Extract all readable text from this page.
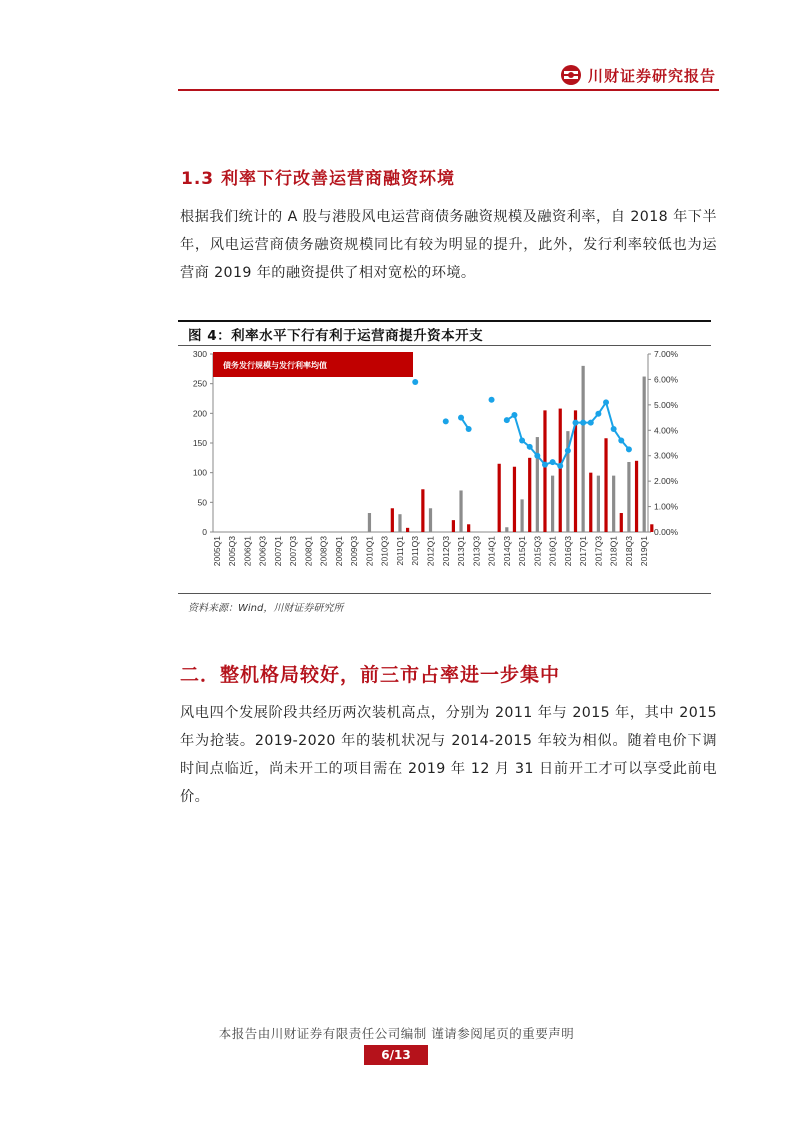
川财证券研究报告
1.3 利率下行改善运营商融资环境
根据我们统计的 A 股与港股风电运营商债务融资规模及融资利率，自 2018 年下半年，风电运营商债务融资规模同比有较为明显的提升，此外，发行利率较低也为运营商 2019 年的融资提供了相对宽松的环境。
图 4：利率水平下行有利于运营商提升资本开支
0
50
100
150
200
250
300
0.00%
1.00%
2.00%
3.00%
4.00%
5.00%
6.00%
7.00%
2005Q1 2005Q3 2006Q1 2006Q3 2007Q1 2007Q3 2008Q1 2008Q3 2009Q1 2009Q3 2010Q1 2010Q3 2011Q1 2011Q3 2012Q1 2012Q3 2013Q1 2013Q3 2014Q1 2014Q3 2015Q1 2015Q3 2016Q1 2016Q3 2017Q1 2017Q3 2018Q1 2018Q3 2019Q1
债务发行规模与发行利率均值
资料来源：Wind，川财证券研究所
二．整机格局较好，前三市占率进一步集中
风电四个发展阶段共经历两次装机高点，分别为 2011 年与 2015 年，其中 2015 年为抢装。2019-2020 年的装机状况与 2014-2015 年较为相似。随着电价下调时间点临近，尚未开工的项目需在 2019 年 12 月 31 日前开工才可以享受此前电价。
本报告由川财证券有限责任公司编制 谨请参阅尾页的重要声明
6/13
